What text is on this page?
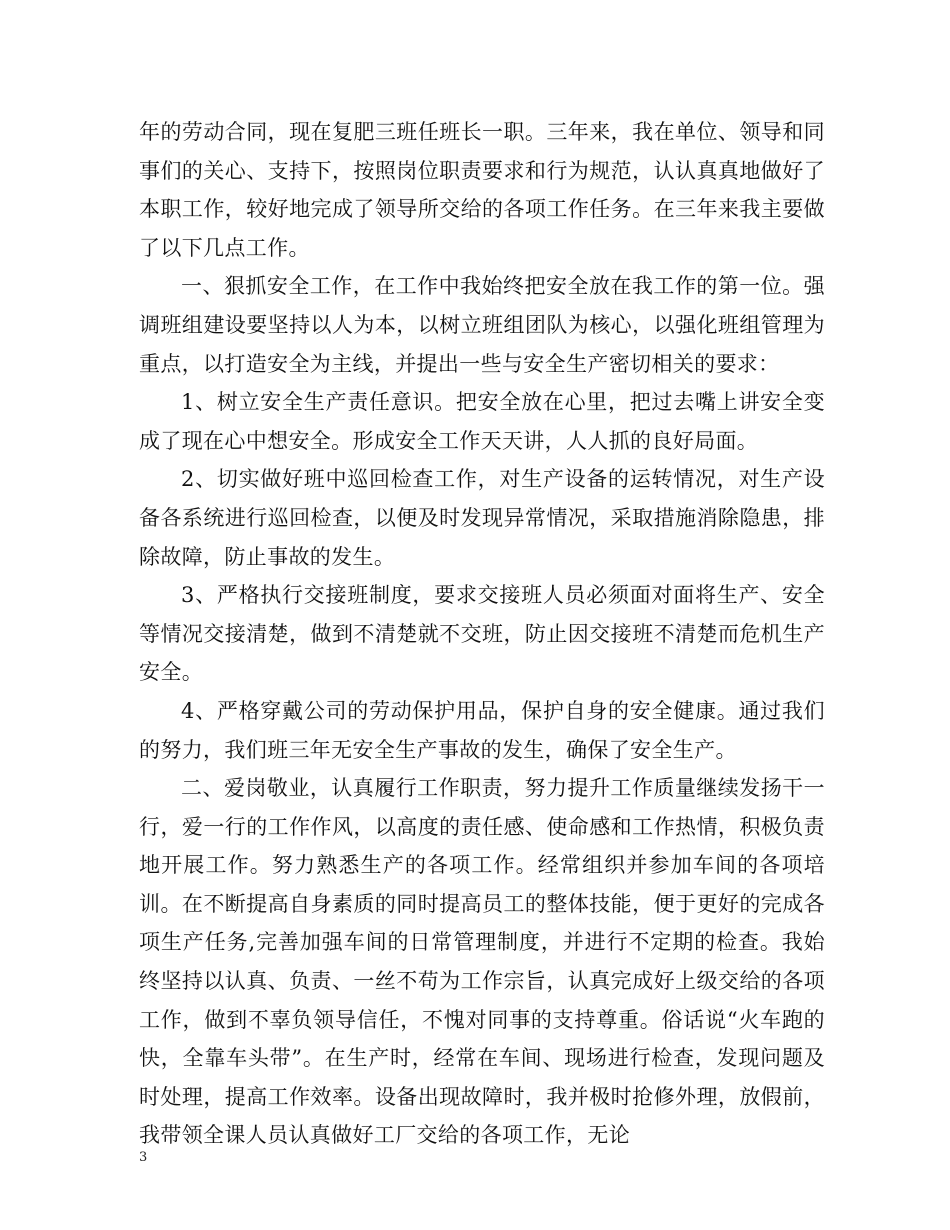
年的劳动合同，现在复肥三班任班长一职。三年来，我在单位、领导和同事们的关心、支持下，按照岗位职责要求和行为规范，认认真真地做好了本职工作，较好地完成了领导所交给的各项工作任务。在三年来我主要做了以下几点工作。

一、狠抓安全工作，在工作中我始终把安全放在我工作的第一位。强调班组建设要坚持以人为本，以树立班组团队为核心，以强化班组管理为重点，以打造安全为主线，并提出一些与安全生产密切相关的要求：

1、树立安全生产责任意识。把安全放在心里，把过去嘴上讲安全变成了现在心中想安全。形成安全工作天天讲，人人抓的良好局面。

2、切实做好班中巡回检查工作，对生产设备的运转情况，对生产设备各系统进行巡回检查，以便及时发现异常情况，采取措施消除隐患，排除故障，防止事故的发生。

3、严格执行交接班制度，要求交接班人员必须面对面将生产、安全等情况交接清楚，做到不清楚就不交班，防止因交接班不清楚而危机生产安全。

4、严格穿戴公司的劳动保护用品，保护自身的安全健康。通过我们的努力，我们班三年无安全生产事故的发生，确保了安全生产。

二、爱岗敬业，认真履行工作职责，努力提升工作质量继续发扬干一行，爱一行的工作作风，以高度的责任感、使命感和工作热情，积极负责地开展工作。努力熟悉生产的各项工作。经常组织并参加车间的各项培训。在不断提高自身素质的同时提高员工的整体技能，便于更好的完成各项生产任务,完善加强车间的日常管理制度，并进行不定期的检查。我始终坚持以认真、负责、一丝不苟为工作宗旨，认真完成好上级交给的各项工作，做到不辜负领导信任，不愧对同事的支持尊重。俗话说“火车跑的快，全靠车头带”。在生产时，经常在车间、现场进行检查，发现问题及时处理，提高工作效率。设备出现故障时，我并极时抢修外理，放假前，我带领全课人员认真做好工厂交给的各项工作，无论

3
